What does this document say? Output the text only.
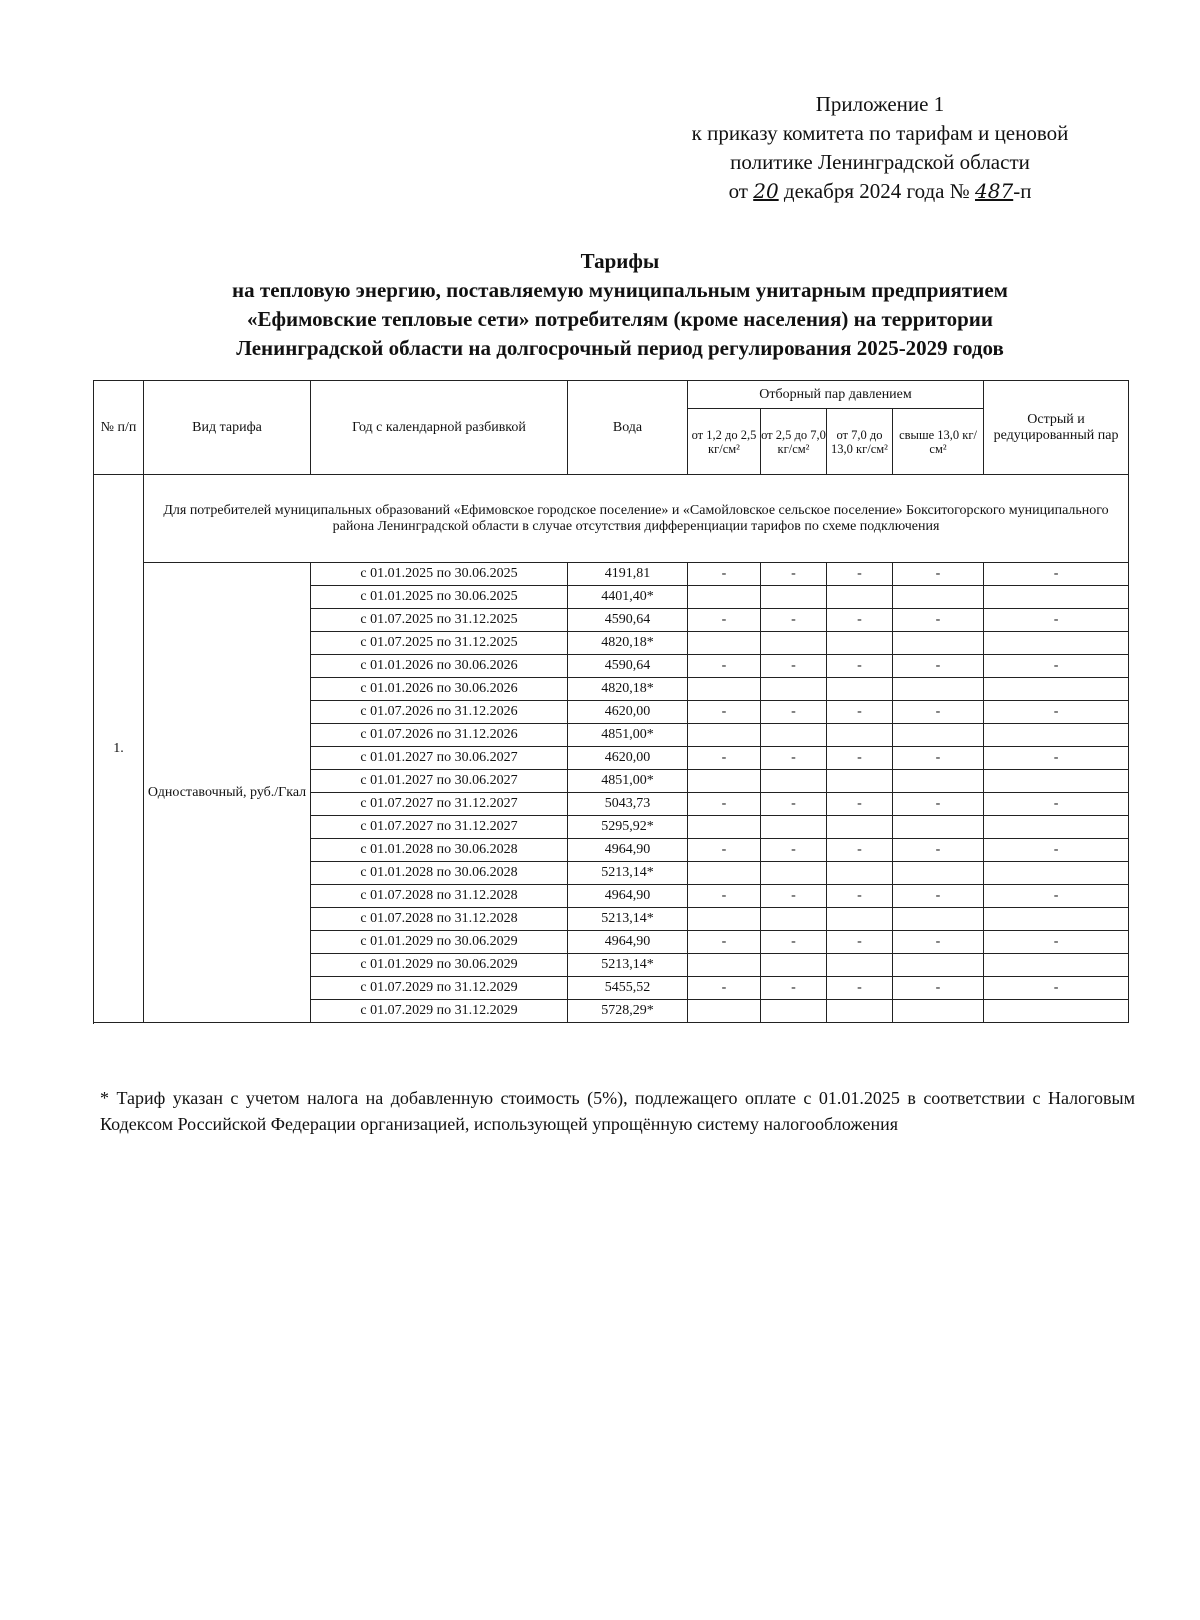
Приложение 1
к приказу комитета по тарифам и ценовой
политике Ленинградской области
от 20 декабря 2024 года № 487-п
Тарифы
на тепловую энергию, поставляемую муниципальным унитарным предприятием
«Ефимовские тепловые сети» потребителям (кроме населения) на территории
Ленинградской области на долгосрочный период регулирования 2025-2029 годов
№ п/п	Вид тарифа	Год с календарной разбивкой	Вода	Отборный пар давлением				Острый и редуцированный пар
				от 1,2 до 2,5 кг/см²	от 2,5 до 7,0 кг/см²	от 7,0 до 13,0 кг/см²	свыше 13,0 кг/см²	
1.	Для потребителей муниципальных образований «Ефимовское городское поселение» и «Самойловское сельское поселение» Бокситогорского муниципального района Ленинградской области в случае отсутствия дифференциации тарифов по схеме подключения							
	Одноставочный, руб./Гкал	с 01.01.2025 по 30.06.2025	4191,81	-	-	-	-	-
		с 01.01.2025 по 30.06.2025	4401,40*					
		с 01.07.2025 по 31.12.2025	4590,64	-	-	-	-	-
		с 01.07.2025 по 31.12.2025	4820,18*					
		с 01.01.2026 по 30.06.2026	4590,64	-	-	-	-	-
		с 01.01.2026 по 30.06.2026	4820,18*					
		с 01.07.2026 по 31.12.2026	4620,00	-	-	-	-	-
		с 01.07.2026 по 31.12.2026	4851,00*					
		с 01.01.2027 по 30.06.2027	4620,00	-	-	-	-	-
		с 01.01.2027 по 30.06.2027	4851,00*					
		с 01.07.2027 по 31.12.2027	5043,73	-	-	-	-	-
		с 01.07.2027 по 31.12.2027	5295,92*					
		с 01.01.2028 по 30.06.2028	4964,90	-	-	-	-	-
		с 01.01.2028 по 30.06.2028	5213,14*					
		с 01.07.2028 по 31.12.2028	4964,90	-	-	-	-	-
		с 01.07.2028 по 31.12.2028	5213,14*					
		с 01.01.2029 по 30.06.2029	4964,90	-	-	-	-	-
		с 01.01.2029 по 30.06.2029	5213,14*					
		с 01.07.2029 по 31.12.2029	5455,52	-	-	-	-	-
		с 01.07.2029 по 31.12.2029	5728,29*					

* Тариф указан с учетом налога на добавленную стоимость (5%), подлежащего оплате с 01.01.2025 в соответствии с Налоговым Кодексом Российской Федерации организацией, использующей упрощённую систему налогообложения
